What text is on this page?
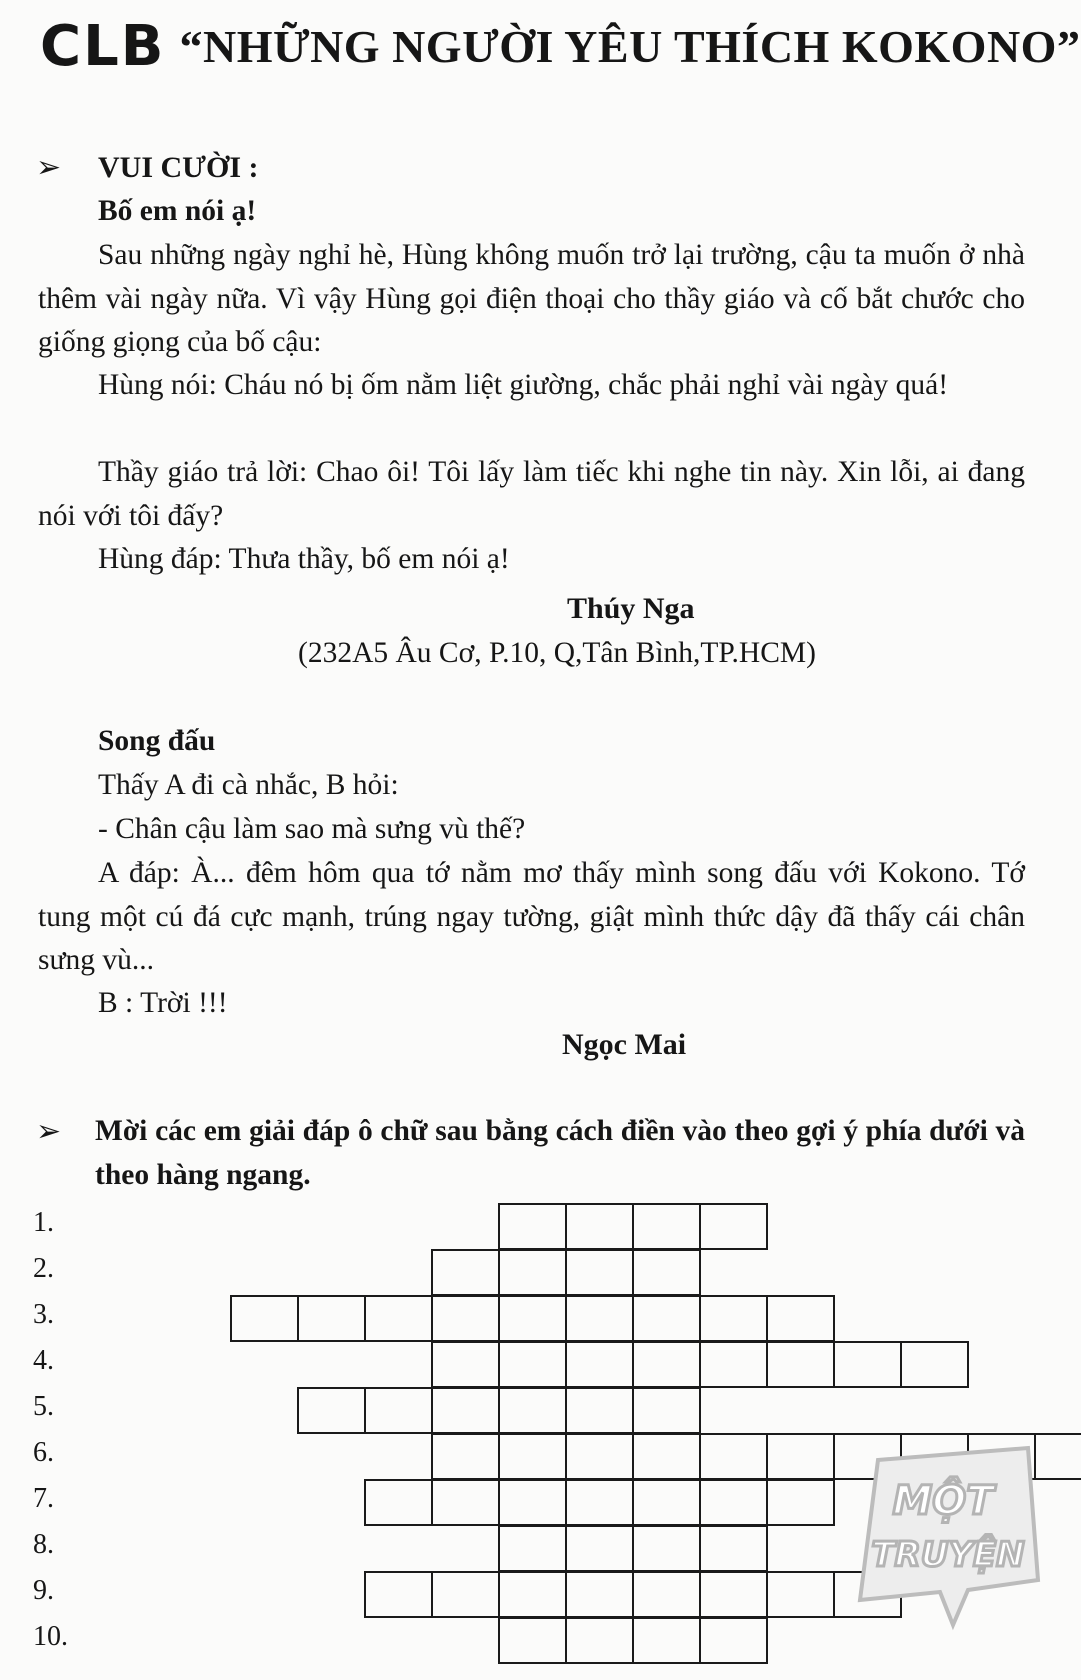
CLB “NHỮNG NGƯỜI YÊU THÍCH KOKONO”
➢ VUI CƯỜI :
Bố em nói ạ!
Sau những ngày nghỉ hè, Hùng không muốn trở lại trường, cậu ta muốn ở nhà thêm vài ngày nữa. Vì vậy Hùng gọi điện thoại cho thầy giáo và cố bắt chước cho giống giọng của bố cậu:
Hùng nói: Cháu nó bị ốm nằm liệt giường, chắc phải nghỉ vài ngày quá!
Thầy giáo trả lời: Chao ôi! Tôi lấy làm tiếc khi nghe tin này. Xin lỗi, ai đang nói với tôi đấy?
Hùng đáp: Thưa thầy, bố em nói ạ!
Thúy Nga
(232A5 Âu Cơ, P.10, Q,Tân Bình,TP.HCM)
Song đấu
Thấy A đi cà nhắc, B hỏi:
- Chân cậu làm sao mà sưng vù thế?
A đáp: À... đêm hôm qua tớ nằm mơ thấy mình song đấu với Kokono. Tớ tung một cú đá cực mạnh, trúng ngay tường, giật mình thức dậy đã thấy cái chân sưng vù...
B : Trời !!!
Ngọc Mai
➢ Mời các em giải đáp ô chữ sau bằng cách điền vào theo gợi ý phía dưới và theo hàng ngang.
1.
2.
3.
4.
5.
6.
7.
8.
9.
10.
MỘT
TRUYỆN
